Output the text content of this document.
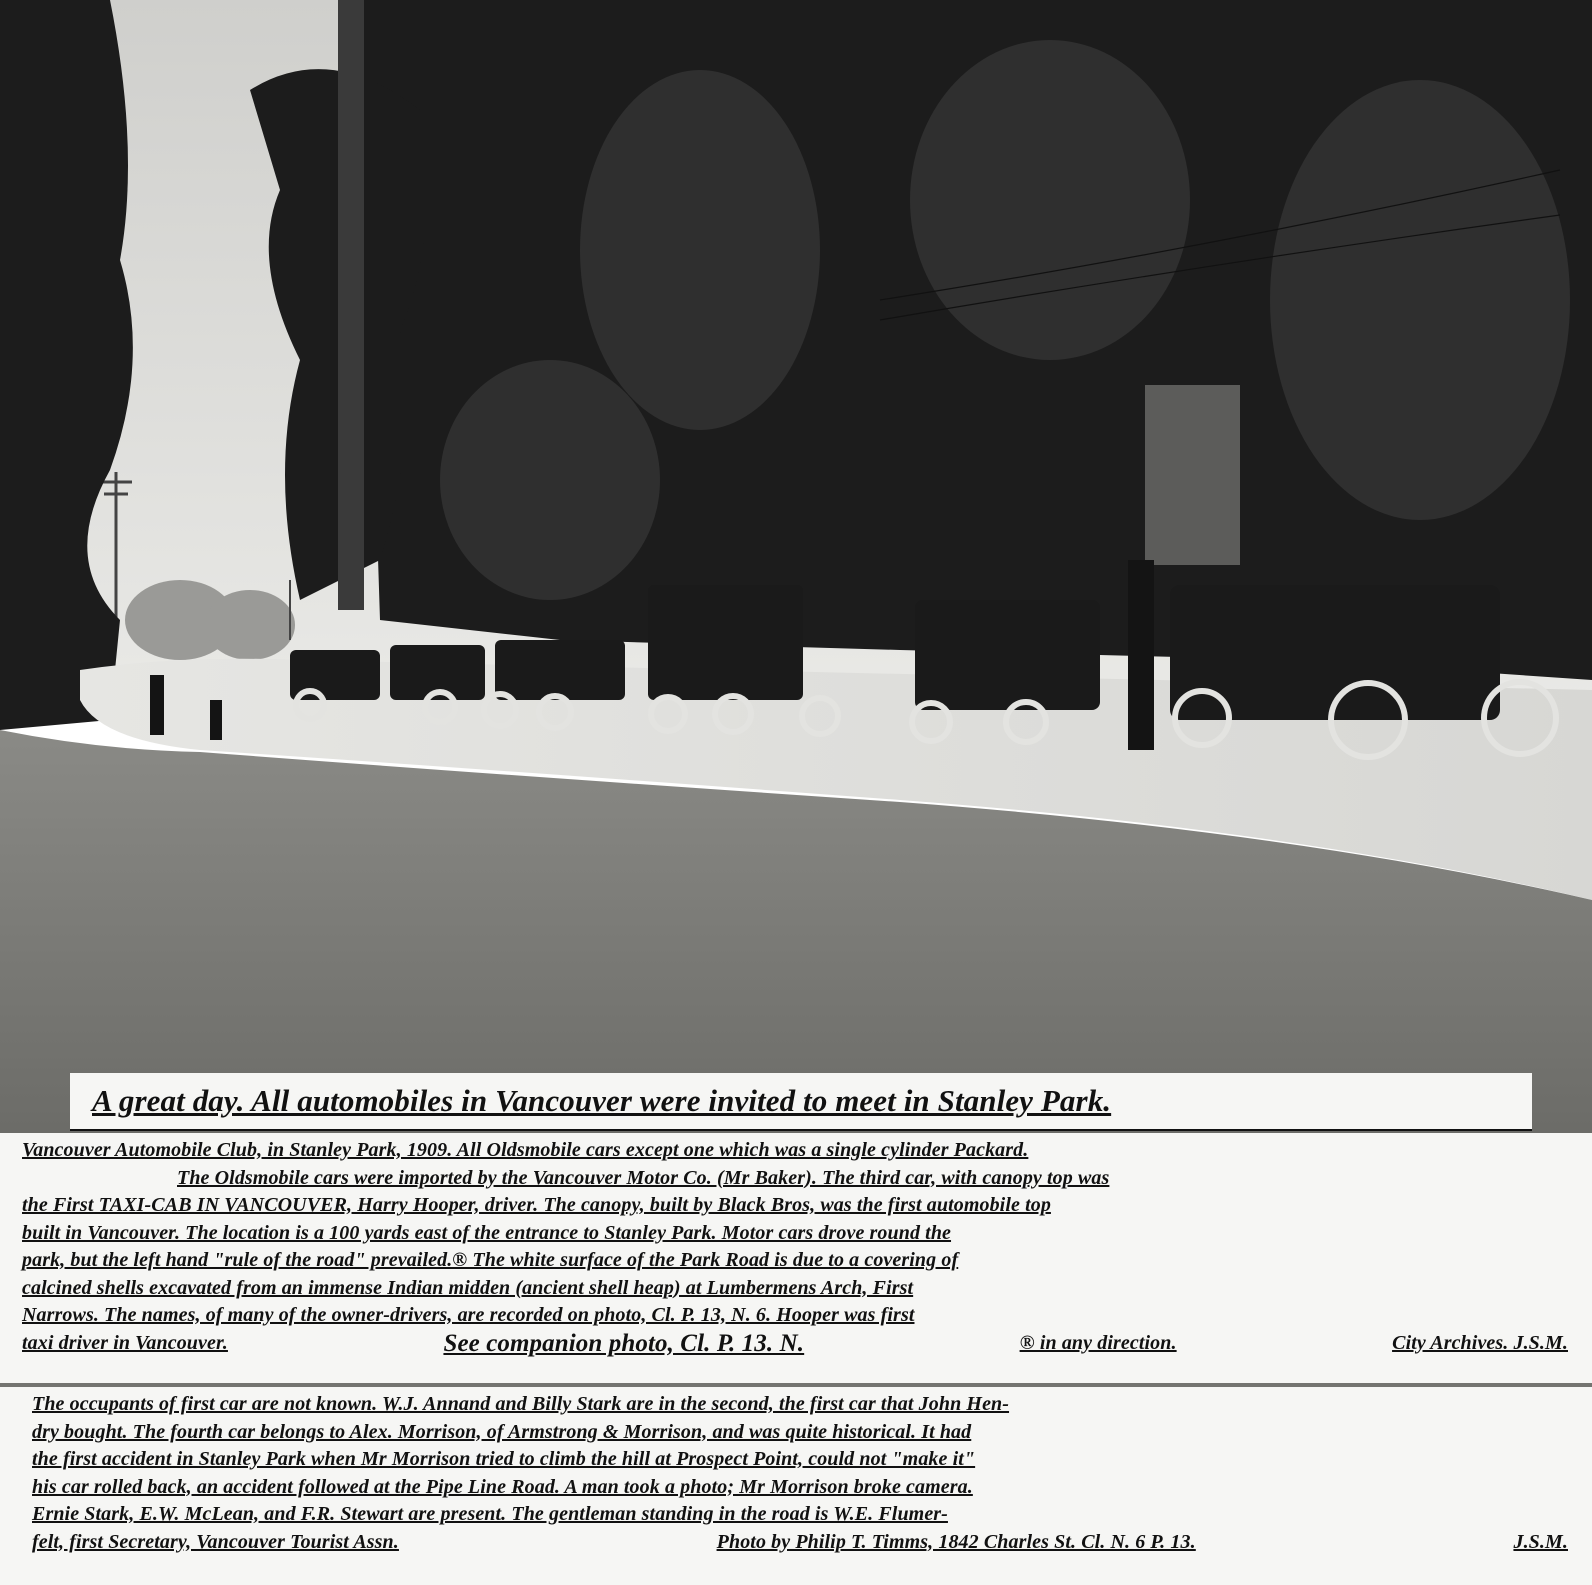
A great day. All automobiles in Vancouver were invited to meet in Stanley Park.
Vancouver Automobile Club, in Stanley Park, 1909. All Oldsmobile cars except one which was a single cylinder Packard.
The Oldsmobile cars were imported by the Vancouver Motor Co. (Mr Baker). The third car, with canopy top was
the First TAXI-CAB IN VANCOUVER, Harry Hooper, driver. The canopy, built by Black Bros, was the first automobile top
built in Vancouver. The location is a 100 yards east of the entrance to Stanley Park. Motor cars drove round the
park, but the left hand "rule of the road" prevailed.® The white surface of the Park Road is due to a covering of
calcined shells excavated from an immense Indian midden (ancient shell heap) at Lumbermens Arch, First
Narrows. The names, of many of the owner-drivers, are recorded on photo, Cl. P. 13, N. 6. Hooper was first
taxi driver in Vancouver.	See companion photo, Cl. P. 13. N.	® in any direction.	City Archives. J.S.M.
The occupants of first car are not known. W.J. Annand and Billy Stark are in the second, the first car that John Hen-
dry bought. The fourth car belongs to Alex. Morrison, of Armstrong & Morrison, and was quite historical. It had
the first accident in Stanley Park when Mr Morrison tried to climb the hill at Prospect Point, could not "make it"
his car rolled back, an accident followed at the Pipe Line Road. A man took a photo; Mr Morrison broke camera.
Ernie Stark, E.W. McLean, and F.R. Stewart are present. The gentleman standing in the road is W.E. Flumer-
felt, first Secretary, Vancouver Tourist Assn.	Photo by Philip T. Timms, 1842 Charles St. Cl. N. 6 P. 13.	J.S.M.
